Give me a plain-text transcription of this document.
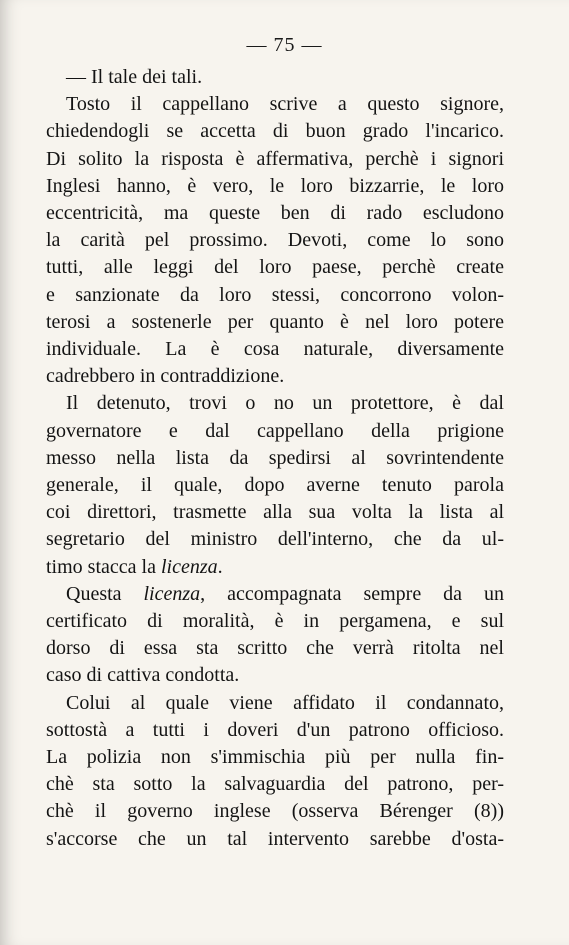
— 75 —

— Il tale dei tali.

Tosto il cappellano scrive a questo signore,
chiedendogli se accetta di buon grado l'incarico.
Di solito la risposta è affermativa, perchè i signori
Inglesi hanno, è vero, le loro bizzarrie, le loro
eccentricità, ma queste ben di rado escludono
la carità pel prossimo. Devoti, come lo sono
tutti, alle leggi del loro paese, perchè create
e sanzionate da loro stessi, concorrono volon-
terosi a sostenerle per quanto è nel loro potere
individuale. La è cosa naturale, diversamente
cadrebbero in contraddizione.

Il detenuto, trovi o no un protettore, è dal
governatore e dal cappellano della prigione
messo nella lista da spedirsi al sovrintendente
generale, il quale, dopo averne tenuto parola
coi direttori, trasmette alla sua volta la lista al
segretario del ministro dell'interno, che da ul-
timo stacca la licenza.

Questa licenza, accompagnata sempre da un
certificato di moralità, è in pergamena, e sul
dorso di essa sta scritto che verrà ritolta nel
caso di cattiva condotta.

Colui al quale viene affidato il condannato,
sottostà a tutti i doveri d'un patrono officioso.
La polizia non s'immischia più per nulla fin-
chè sta sotto la salvaguardia del patrono, per-
chè il governo inglese (osserva Bérenger (8))
s'accorse che un tal intervento sarebbe d'osta-
